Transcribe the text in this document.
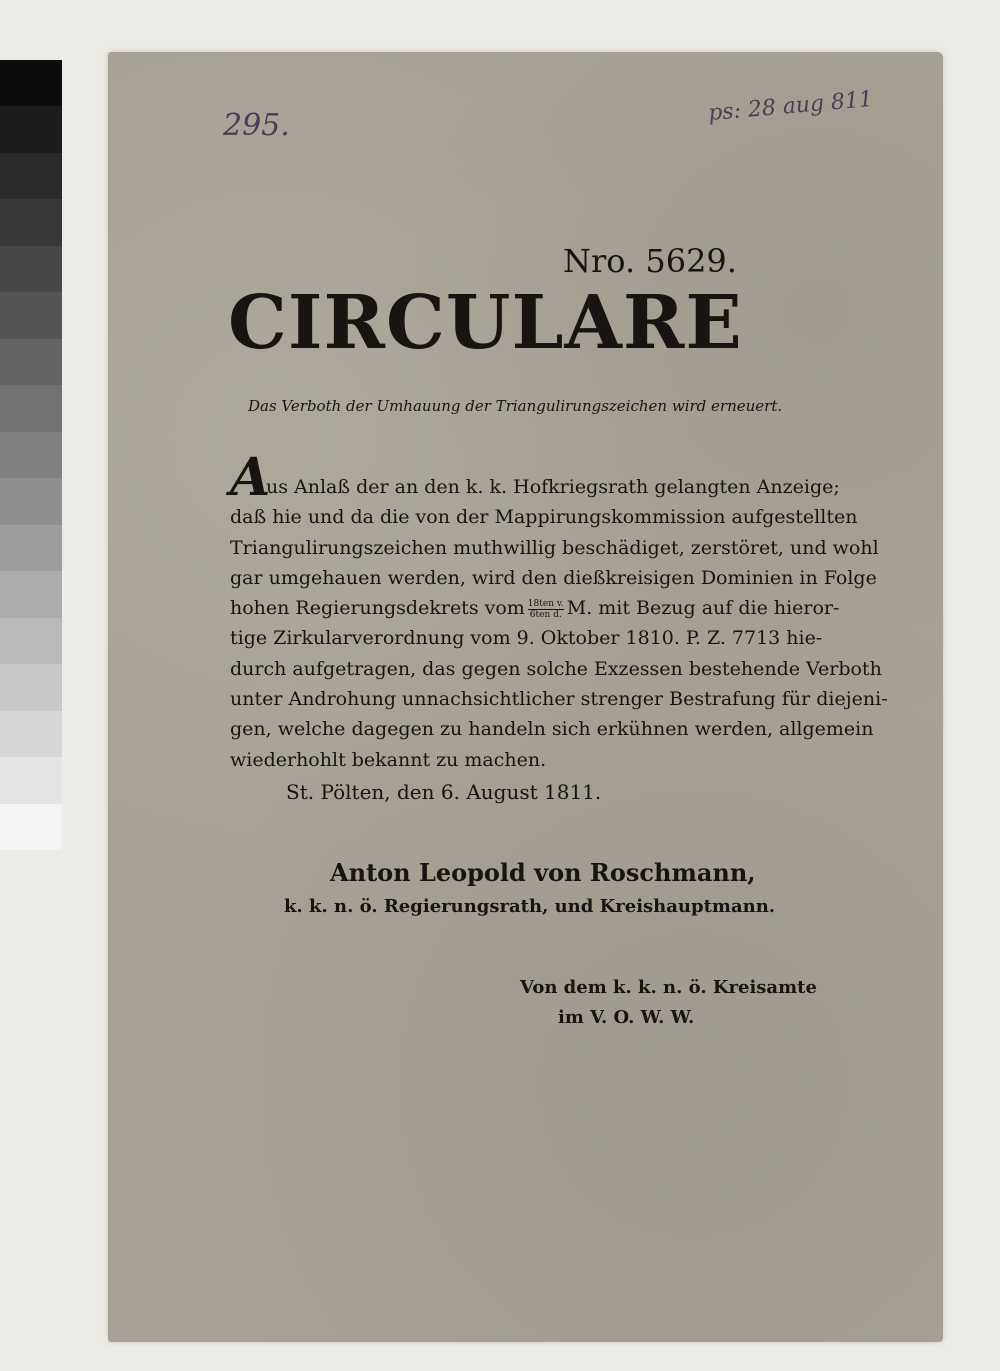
295.	ps: 28 aug 811
Nro. 5629.
CIRCULARE
Das Verboth der Umhauung der Triangulirungszeichen wird erneuert.
A
us Anlaß der an den k. k. Hofkriegsrath gelangten Anzeige;
daß hie und da die von der Mappirungskommission aufgestellten
Triangulirungszeichen muthwillig beschädiget, zerstöret, und wohl
gar umgehauen werden, wird den dießkreisigen Dominien in Folge
hohen Regierungsdekrets vom $\frac{\text{18ten v.}}{\text{6ten d.}} M$. mit Bezug auf die hieror-
tige Zirkularverordnung vom 9. Oktober 1810. P. Z. 7713 hie-
durch aufgetragen, das gegen solche Exzessen bestehende Verboth
unter Androhung unnachsichtlicher strenger Bestrafung für diejeni-
gen, welche dagegen zu handeln sich erkühnen werden, allgemein
wiederhohlt bekannt zu machen.
St. Pölten, den 6. August 1811.
Anton Leopold von Roschmann,
k. k. n. ö. Regierungsrath, und Kreishauptmann.
Von dem k. k. n. ö. Kreisamte
im V. O. W. W.
